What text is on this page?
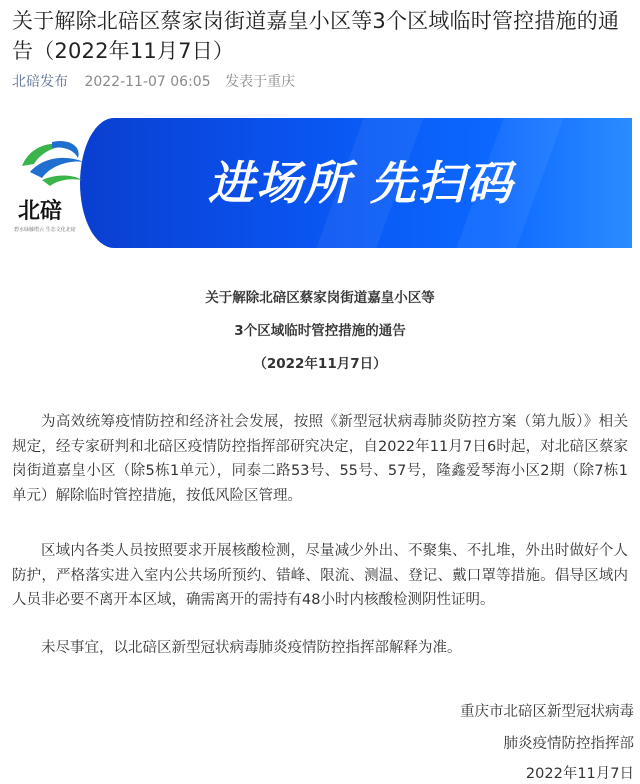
关于解除北碚区蔡家岗街道嘉皇小区等3个区域临时管控措施的通告（2022年11月7日）
北碚发布 2022-11-07 06:05 发表于重庆
北碚
碧水绿藤缙云 生态文化北碚
进场所 先扫码
关于解除北碚区蔡家岗街道嘉皇小区等
3个区域临时管控措施的通告
（2022年11月7日）

为高效统筹疫情防控和经济社会发展，按照《新型冠状病毒肺炎防控方案（第九版）》相关规定，经专家研判和北碚区疫情防控指挥部研究决定，自2022年11月7日6时起，对北碚区蔡家岗街道嘉皇小区（除5栋1单元），同泰二路53号、55号、57号，隆鑫爱琴海小区2期（除7栋1单元）解除临时管控措施，按低风险区管理。

区域内各类人员按照要求开展核酸检测，尽量减少外出、不聚集、不扎堆，外出时做好个人防护，严格落实进入室内公共场所预约、错峰、限流、测温、登记、戴口罩等措施。倡导区域内人员非必要不离开本区域，确需离开的需持有48小时内核酸检测阴性证明。

未尽事宜，以北碚区新型冠状病毒肺炎疫情防控指挥部解释为准。

重庆市北碚区新型冠状病毒
肺炎疫情防控指挥部
2022年11月7日
